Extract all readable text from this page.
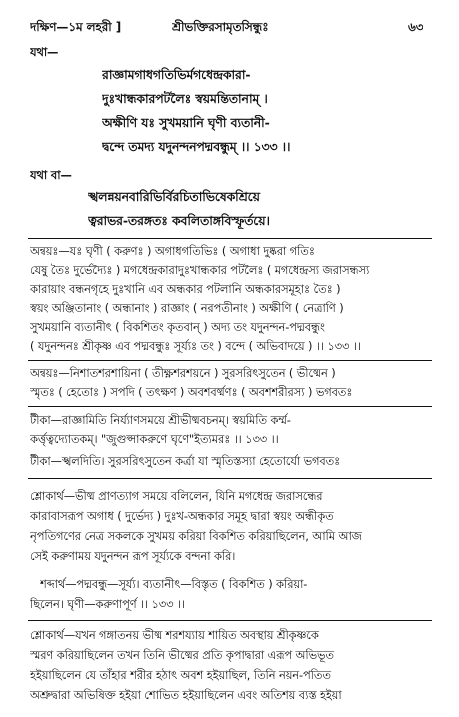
দক্ষিণ—১ম লহরী ]	শ্রীভক্তিরসামৃতসিন্ধুঃ	৬৩
যথা—
রাজ্ঞামগাধগতিভির্মগধেন্দ্রকারা-
দুঃখান্ধকারপটলৈঃ স্বয়মন্তিতানাম্ ।
অক্ষীণি যঃ সুখময়ানি ঘৃণী ব্যতানী-
দ্বন্দে তমদ্য যদুনন্দনপদ্মবন্ধুম্ ।। ১৩৩ ।।
যথা বা—
স্খলন্নয়নবারিভির্বিরচিতাভিষেকশ্রিয়ে
ত্বরাভর-তরঙ্গতঃ কবলিতাঙ্গবিস্ফূর্তয়ে।
অন্বয়ঃ—যঃ ঘৃণী ( করুণঃ ) অগাধগতিভিঃ ( অগাধা দুষ্করা গতিঃ
যেষু তৈঃ দুর্ভেদ্যৈঃ ) মগধেন্দ্রকারাদুঃখান্ধকার পটলৈঃ ( মগধেন্দ্রস্য জরাসন্ধস্য
কারায়াং বন্ধনগৃহে দুঃখানি এব অন্ধকার পটলানি অন্ধকারসমূহাঃ তৈঃ )
স্বয়ং অঞ্জিতানাং ( অন্ধানাং ) রাজ্ঞাং ( নরপতীনাং ) অক্ষীণি ( নেত্রাণি )
সুখময়ানি ব্যতানীৎ ( বিকশিতং কৃতবান্ ) অদ্য তং যদুনন্দন-পদ্মবন্ধুং
( যদুনন্দনঃ শ্রীকৃষ্ণ এব পদ্মবন্ধুঃ সূর্য্যঃ তং ) বন্দে ( অভিবাদয়ে ) ।। ১৩৩ ।।
অন্বয়ঃ—নিশাতশরশায়িনা ( তীক্ষ্ণশরশয়নে ) সুরসরিৎসুতেন ( ভীষ্মেন )
স্মৃতঃ ( হেতোঃ ) সপদি ( তৎক্ষণ ) অবশবর্ষ্মণঃ ( অবশশরীরস্য ) ভগবতঃ
টীকা—রাজ্ঞামিতি নির্য্যাণসময়ে শ্রীভীষ্মবচনম্। স্বয়মিতি কর্ম্ম-
কর্ত্তৃত্বদ্যোতকম্। "জুগুপ্সাকরুণে ঘৃণে"ইত্যমরঃ ।। ১৩৩ ।।
টীকা—স্খলদিতি। সুরসরিৎসুতেন কর্ত্রা যা স্মৃতিস্তস্যা হেতোর্যো ভগবতঃ
শ্লোকার্থ—ভীষ্ম প্রাণত্যাগ সময়ে বলিলেন, যিনি মগধেন্দ্র জরাসন্ধের
কারাবাসরূপ অগাধ ( দুর্ভেদ্য ) দুঃখ-অন্ধকার সমূহ দ্বারা স্বয়ং অন্ধীকৃত
নৃপতিগণের নেত্র সকলকে সুখময় করিয়া বিকশিত করিয়াছিলেন, আমি আজ
সেই করুণাময় যদুনন্দন রূপ সূর্য্যকে বন্দনা করি।
শব্দার্থ—পদ্মবন্ধু—সূর্য্য। ব্যতানীৎ—বিস্তৃত ( বিকশিত ) করিয়া-
ছিলেন। ঘৃণী—করুণাপূর্ণ ।। ১৩৩ ।।
শ্লোকার্থ—যখন গঙ্গাতনয় ভীষ্ম শরশয্যায় শায়িত অবস্থায় শ্রীকৃষ্ণকে
স্মরণ করিয়াছিলেন তখন তিনি ভীষ্মের প্রতি কৃপাদ্বারা এরূপ অভিভূত
হইয়াছিলেন যে তাঁহার শরীর হঠাৎ অবশ হইয়াছিল, তিনি নয়ন-পতিত
অশ্রুদ্বারা অভিষিক্ত হইয়া শোভিত হইয়াছিলেন এবং অতিশয় ব্যস্ত হইয়া
